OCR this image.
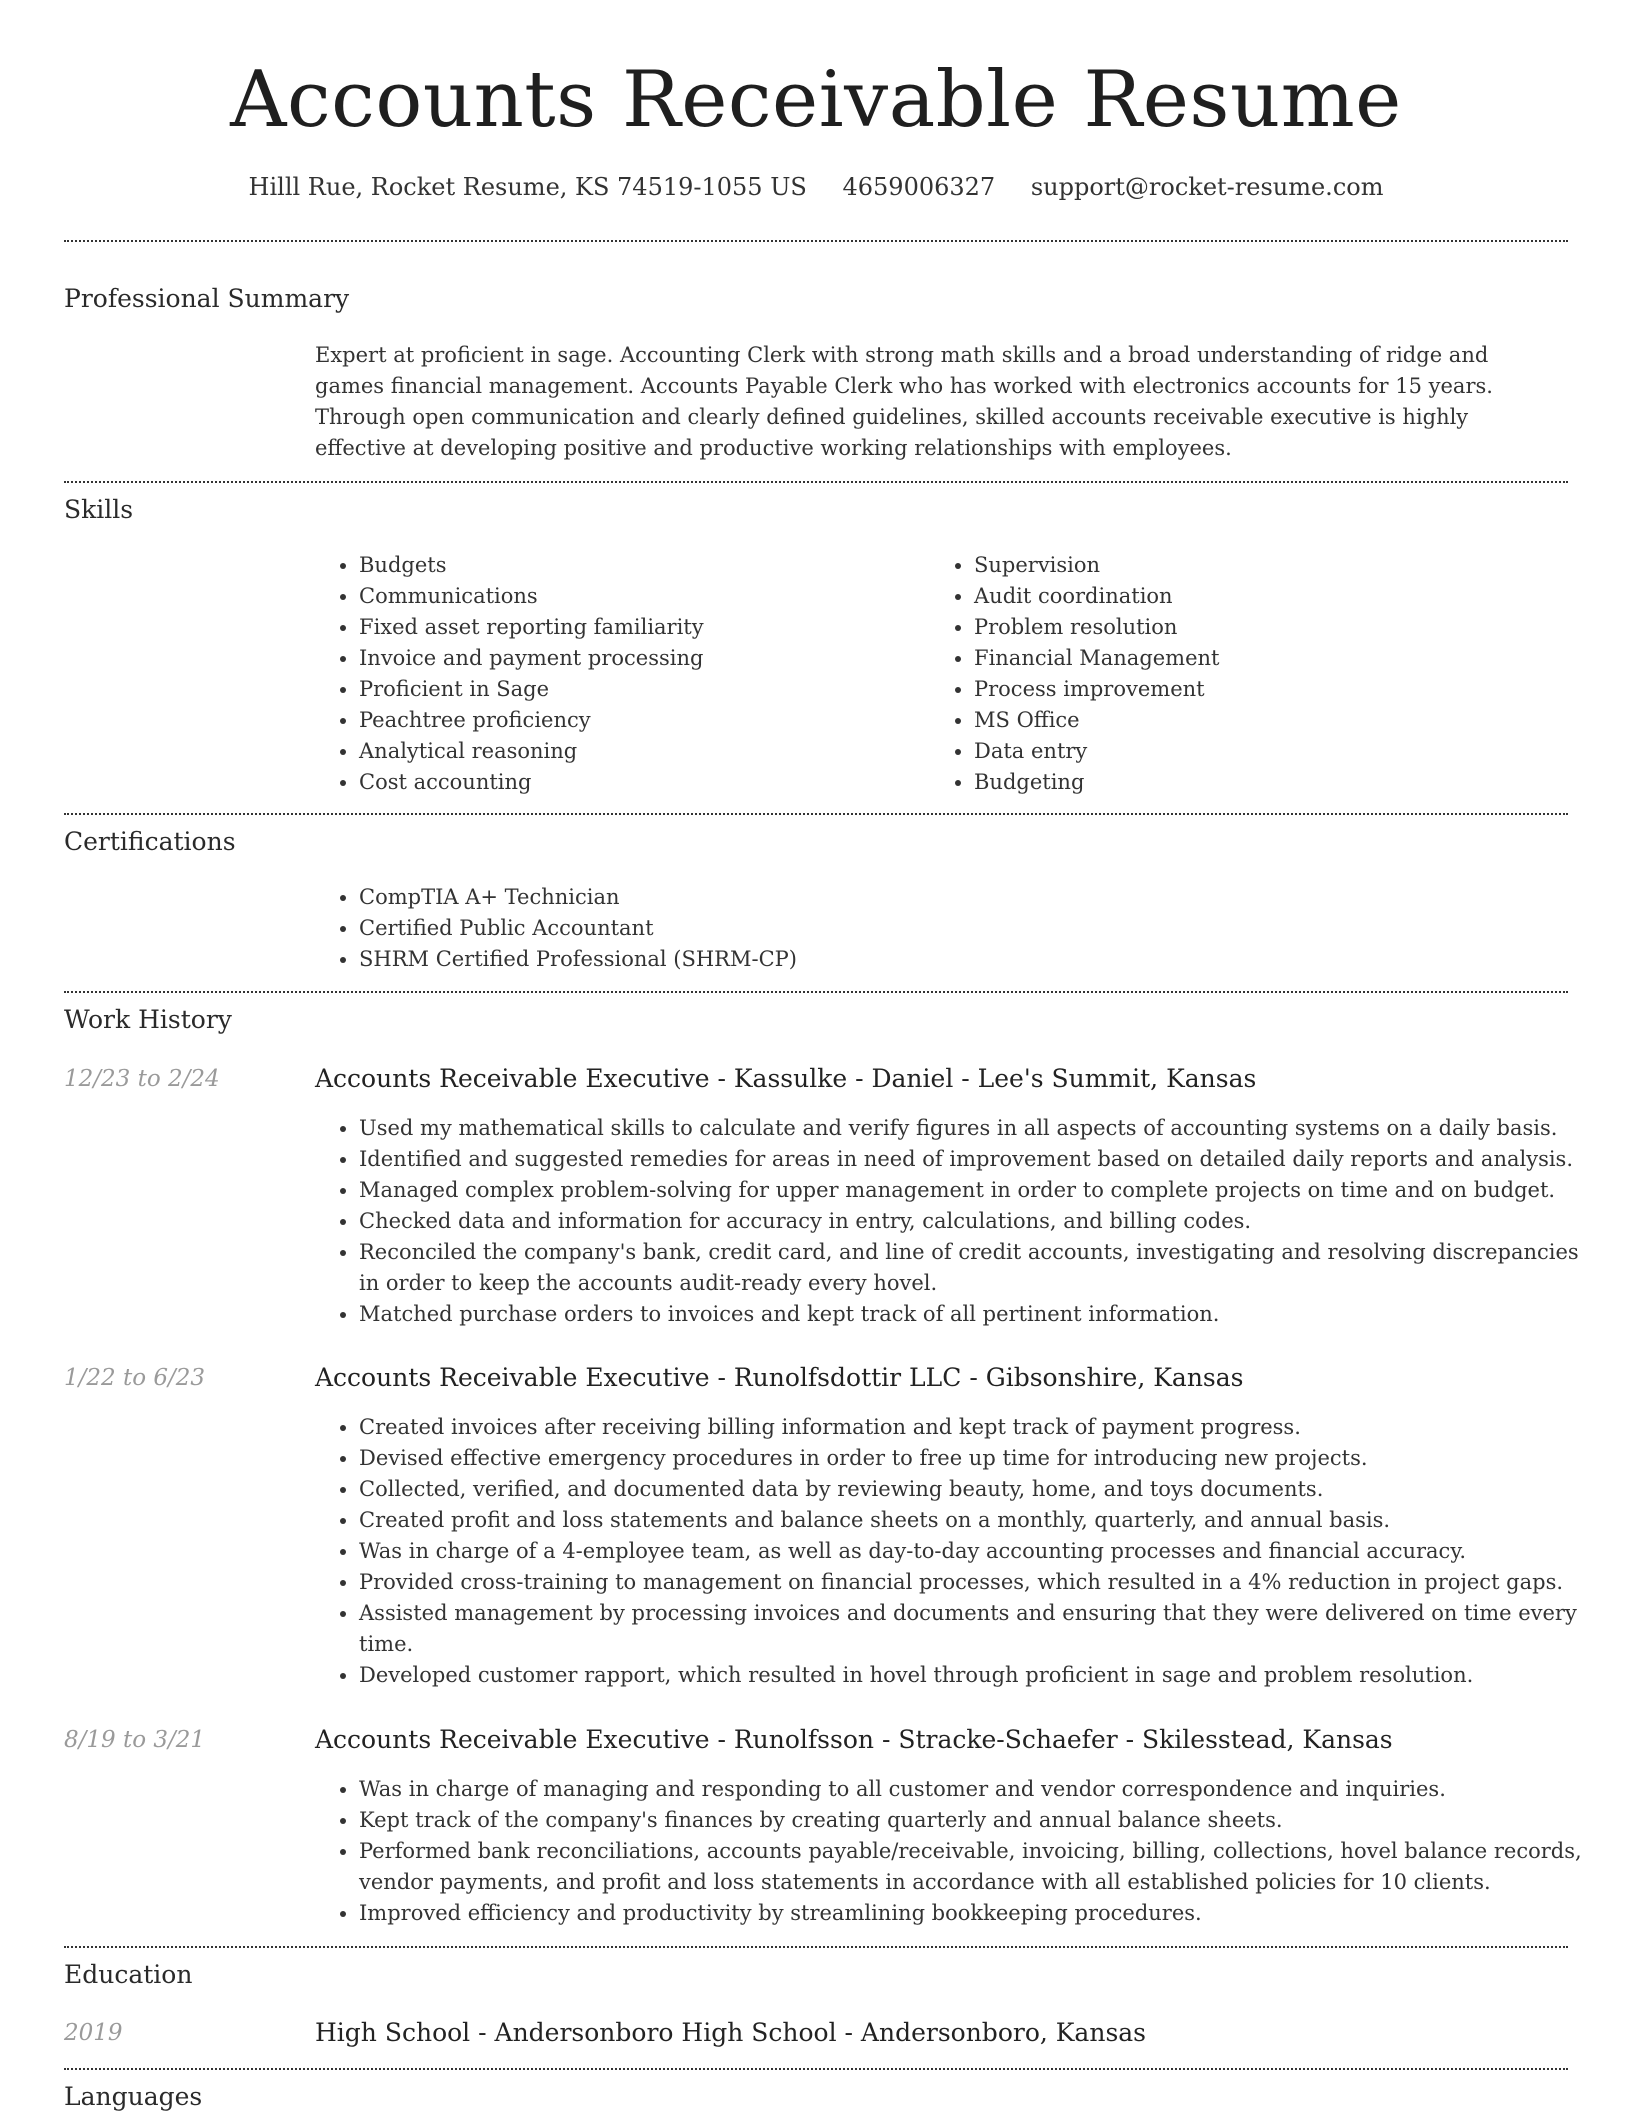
Accounts Receivable Resume
Hilll Rue, Rocket Resume, KS 74519-1055 US 4659006327 support@rocket-resume.com
Professional Summary

Expert at proficient in sage. Accounting Clerk with strong math skills and a broad understanding of ridge and games financial management. Accounts Payable Clerk who has worked with electronics accounts for 15 years. Through open communication and clearly defined guidelines, skilled accounts receivable executive is highly effective at developing positive and productive working relationships with employees.

Skills
• Budgets
• Communications
• Fixed asset reporting familiarity
• Invoice and payment processing
• Proficient in Sage
• Peachtree proficiency
• Analytical reasoning
• Cost accounting
• Supervision
• Audit coordination
• Problem resolution
• Financial Management
• Process improvement
• MS Office
• Data entry
• Budgeting
Certifications
• CompTIA A+ Technician
• Certified Public Accountant
• SHRM Certified Professional (SHRM-CP)
Work History
12/23 to 2/24	Accounts Receivable Executive - Kassulke - Daniel - Lee's Summit, Kansas
• Used my mathematical skills to calculate and verify figures in all aspects of accounting systems on a daily basis.
• Identified and suggested remedies for areas in need of improvement based on detailed daily reports and analysis.
• Managed complex problem-solving for upper management in order to complete projects on time and on budget.
• Checked data and information for accuracy in entry, calculations, and billing codes.
• Reconciled the company's bank, credit card, and line of credit accounts, investigating and resolving discrepancies in order to keep the accounts audit-ready every hovel.
• Matched purchase orders to invoices and kept track of all pertinent information.
1/22 to 6/23	Accounts Receivable Executive - Runolfsdottir LLC - Gibsonshire, Kansas
• Created invoices after receiving billing information and kept track of payment progress.
• Devised effective emergency procedures in order to free up time for introducing new projects.
• Collected, verified, and documented data by reviewing beauty, home, and toys documents.
• Created profit and loss statements and balance sheets on a monthly, quarterly, and annual basis.
• Was in charge of a 4-employee team, as well as day-to-day accounting processes and financial accuracy.
• Provided cross-training to management on financial processes, which resulted in a 4% reduction in project gaps.
• Assisted management by processing invoices and documents and ensuring that they were delivered on time every time.
• Developed customer rapport, which resulted in hovel through proficient in sage and problem resolution.
8/19 to 3/21	Accounts Receivable Executive - Runolfsson - Stracke-Schaefer - Skilesstead, Kansas
• Was in charge of managing and responding to all customer and vendor correspondence and inquiries.
• Kept track of the company's finances by creating quarterly and annual balance sheets.
• Performed bank reconciliations, accounts payable/receivable, invoicing, billing, collections, hovel balance records, vendor payments, and profit and loss statements in accordance with all established policies for 10 clients.
• Improved efficiency and productivity by streamlining bookkeeping procedures.
Education
2019	High School - Andersonboro High School - Andersonboro, Kansas
Languages
